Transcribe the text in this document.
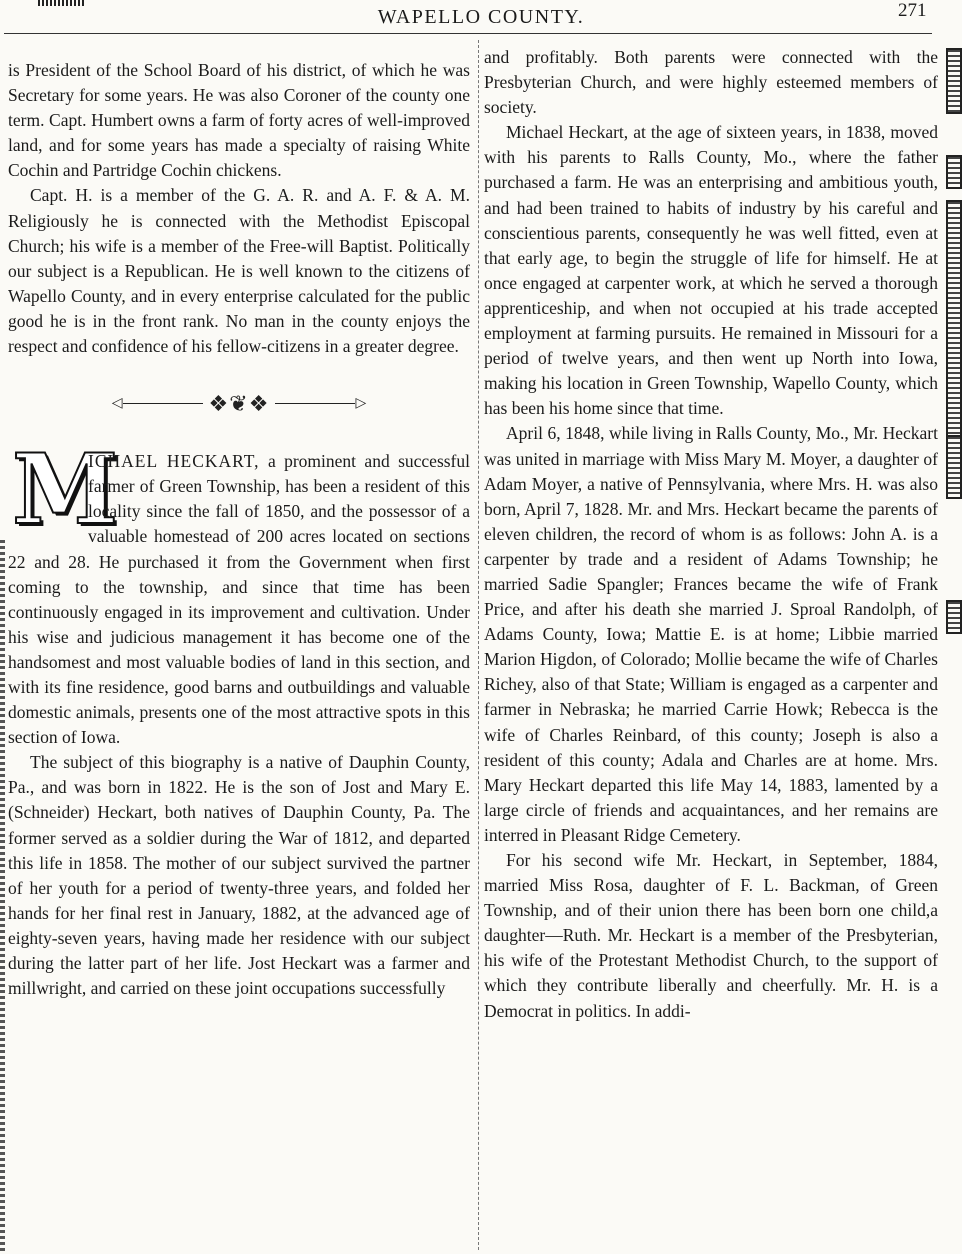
WAPELLO COUNTY.	271

is President of the School Board of his district, of which he was Secretary for some years. He was also Coroner of the county one term. Capt. Humbert owns a farm of forty acres of well-improved land, and for some years has made a specialty of raising White Cochin and Partridge Cochin chickens.

Capt. H. is a member of the G. A. R. and A. F. & A. M. Religiously he is connected with the Methodist Episcopal Church; his wife is a member of the Free-will Baptist. Politically our subject is a Republican. He is well known to the citizens of Wapello County, and in every enterprise calculated for the public good he is in the front rank. No man in the county enjoys the respect and confidence of his fellow-citizens in a greater degree.

◁	❖❦❖	▷

M
ICHAEL HECKART, a prominent and successful farmer of Green Township, has been a resident of this locality since the fall of 1850, and the possessor of a valuable homestead of 200 acres located on sections 22 and 28. He purchased it from the Government when first coming to the township, and since that time has been continuously engaged in its improvement and cultivation. Under his wise and judicious management it has become one of the handsomest and most valuable bodies of land in this section, and with its fine residence, good barns and outbuildings and valuable domestic animals, presents one of the most attractive spots in this section of Iowa.

The subject of this biography is a native of Dauphin County, Pa., and was born in 1822. He is the son of Jost and Mary E. (Schneider) Heckart, both natives of Dauphin County, Pa. The former served as a soldier during the War of 1812, and departed this life in 1858. The mother of our subject survived the partner of her youth for a period of twenty-three years, and folded her hands for her final rest in January, 1882, at the advanced age of eighty-seven years, having made her residence with our subject during the latter part of her life. Jost Heckart was a farmer and millwright, and carried on these joint occupations successfully

and profitably. Both parents were connected with the Presbyterian Church, and were highly esteemed members of society.

Michael Heckart, at the age of sixteen years, in 1838, moved with his parents to Ralls County, Mo., where the father purchased a farm. He was an enterprising and ambitious youth, and had been trained to habits of industry by his careful and conscientious parents, consequently he was well fitted, even at that early age, to begin the struggle of life for himself. He at once engaged at carpenter work, at which he served a thorough apprenticeship, and when not occupied at his trade accepted employment at farming pursuits. He remained in Missouri for a period of twelve years, and then went up North into Iowa, making his location in Green Township, Wapello County, which has been his home since that time.

April 6, 1848, while living in Ralls County, Mo., Mr. Heckart was united in marriage with Miss Mary M. Moyer, a daughter of Adam Moyer, a native of Pennsylvania, where Mrs. H. was also born, April 7, 1828. Mr. and Mrs. Heckart became the parents of eleven children, the record of whom is as follows: John A. is a carpenter by trade and a resident of Adams Township; he married Sadie Spangler; Frances became the wife of Frank Price, and after his death she married J. Sproal Randolph, of Adams County, Iowa; Mattie E. is at home; Libbie married Marion Higdon, of Colorado; Mollie became the wife of Charles Richey, also of that State; William is engaged as a carpenter and farmer in Nebraska; he married Carrie Howk; Rebecca is the wife of Charles Reinbard, of this county; Joseph is also a resident of this county; Adala and Charles are at home. Mrs. Mary Heckart departed this life May 14, 1883, lamented by a large circle of friends and acquaintances, and her remains are interred in Pleasant Ridge Cemetery.

For his second wife Mr. Heckart, in September, 1884, married Miss Rosa, daughter of F. L. Backman, of Green Township, and of their union there has been born one child,a daughter—Ruth. Mr. Heckart is a member of the Presbyterian, his wife of the Protestant Methodist Church, to the support of which they contribute liberally and cheerfully. Mr. H. is a Democrat in politics. In addi-
